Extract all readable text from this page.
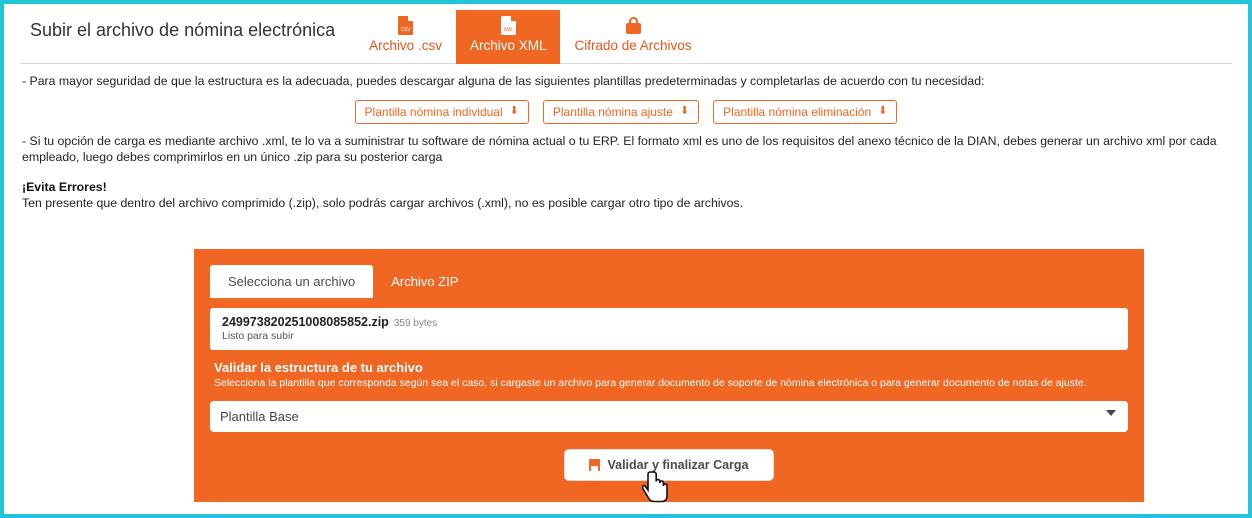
Subir el archivo de nómina electrónica	CSV
Archivo .csv
XML
Archivo XML Cifrado de Archivos
- Para mayor seguridad de que la estructura es la adecuada, puedes descargar alguna de las siguientes plantillas predeterminadas y completarlas de acuerdo con tu necesidad:
Plantilla nómina individual ⬇	Plantilla nómina ajuste ⬇	Plantilla nómina eliminación ⬇
- Si tu opción de carga es mediante archivo .xml, te lo va a suministrar tu software de nómina actual o tu ERP. El formato xml es uno de los requisitos del anexo técnico de la DIAN, debes generar un archivo xml por cada empleado, luego debes comprimirlos en un único .zip para su posterior carga
¡Evita Errores!
Ten presente que dentro del archivo comprimido (.zip), solo podrás cargar archivos (.xml), no es posible cargar otro tipo de archivos.
Selecciona un archivo	Archivo ZIP
249973820251008085852.zip 359 bytes
Listo para subir
Validar la estructura de tu archivo
Selecciona la plantilla que corresponda según sea el caso, si cargaste un archivo para generar documento de soporte de nómina electrónica o para generar documento de notas de ajuste.
Plantilla Base
Validar y finalizar Carga
